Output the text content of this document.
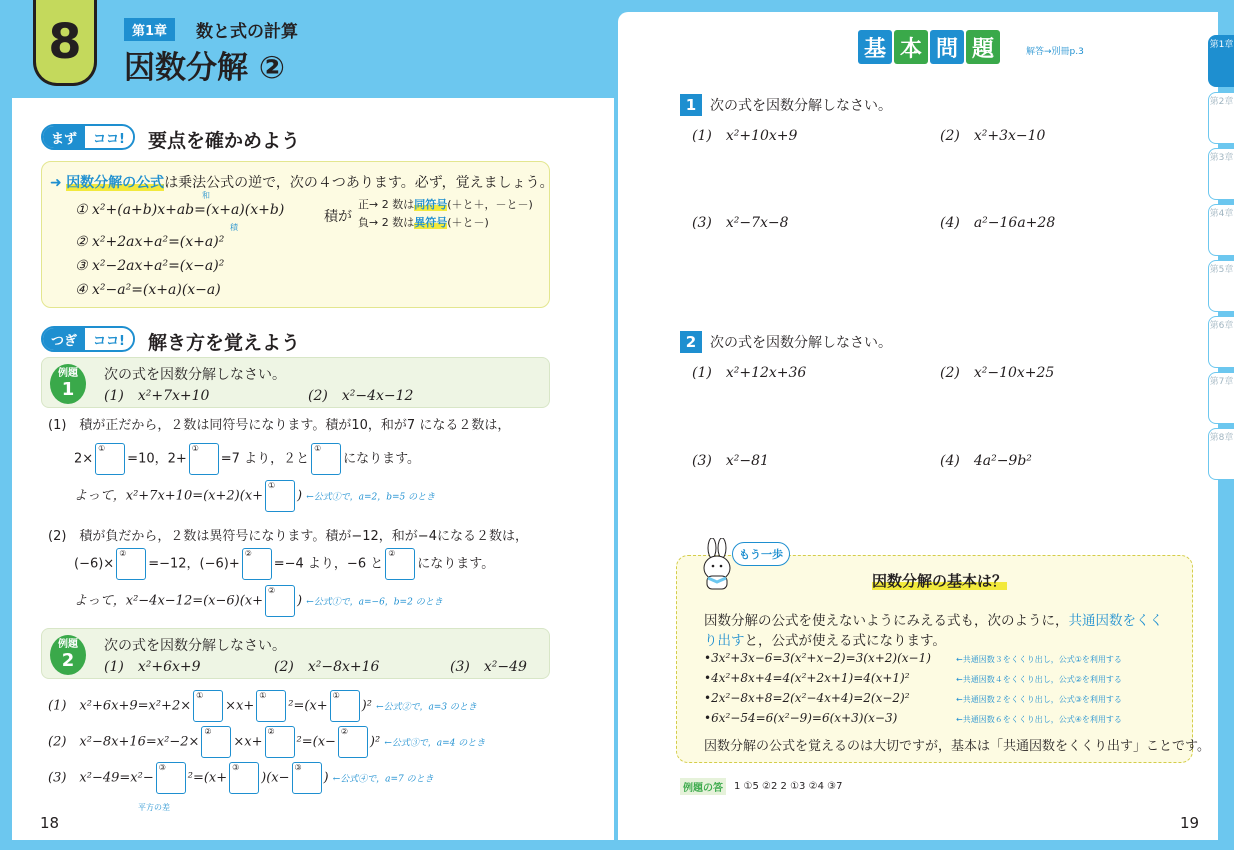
8	第1章	数と式の計算
因数分解 ②
まず	ココ!	要点を確かめよう
➜ 因数分解の公式は乗法公式の逆で，次の４つあります。必ず，覚えましょう。
和
① x²+(a+b)x+ab=(x+a)(x+b)
積
積が
正→ 2 数は同符号(＋と＋，－と－)
負→ 2 数は異符号(＋と－)
② x²+2ax+a²=(x+a)²
③ x²−2ax+a²=(x−a)²
④ x²−a²=(x+a)(x−a)
つぎ	ココ!	解き方を覚えよう
例題
1
次の式を因数分解しなさい。
(1)　x²+7x+10	(2)　x²−4x−12
(1)　積が正だから，２数は同符号になります。積が10，和が7 になる２数は，
2×
①
=10，2+
①
=7 より，２と
①
になります。
よって，x²+7x+10=(x+2)(x+
①
) ←公式①で，a=2，b=5 のとき
(2)　積が負だから，２数は異符号になります。積が−12，和が−4になる２数は，
(−6)×
②
=−12，(−6)+
②
=−4 より，−6 と
②
になります。
よって，x²−4x−12=(x−6)(x+
②
) ←公式①で，a=−6，b=2 のとき
例題
2
次の式を因数分解しなさい。
(1)　x²+6x+9	(2)　x²−8x+16	(3)　x²−49
(1)　x²+6x+9=x²+2×
①
×x+
①
²=(x+
①
)² ←公式②で，a=3 のとき
(2)　x²−8x+16=x²−2×
②
×x+
②
²=(x−
②
)² ←公式③で，a=4 のとき
(3)　x²−49=x²−
③
²=(x+
③
)(x−
③
) ←公式④で，a=7 のとき
平方の差
18
基 本 問 題	解答→別冊p.3
1 次の式を因数分解しなさい。
(1)　x²+10x+9	(2)　x²+3x−10
(3)　x²−7x−8	(4)　a²−16a+28
2 次の式を因数分解しなさい。
(1)　x²+12x+36	(2)　x²−10x+25
(3)　x²−81	(4)　4a²−9b²
もう一歩
因数分解の基本は？
因数分解の公式を使えないようにみえる式も，次のように，共通因数をくく
り出すと，公式が使える式になります。
•3x²+3x−6=3(x²+x−2)=3(x+2)(x−1)	←共通因数３をくくり出し，公式①を利用する
•4x²+8x+4=4(x²+2x+1)=4(x+1)²	←共通因数４をくくり出し，公式②を利用する
•2x²−8x+8=2(x²−4x+4)=2(x−2)²	←共通因数２をくくり出し，公式③を利用する
•6x²−54=6(x²−9)=6(x+3)(x−3)	←共通因数６をくくり出し，公式④を利用する
因数分解の公式を覚えるのは大切ですが，基本は「共通因数をくくり出す」ことです。
例題の答	1 ①5 ②2 2 ①3 ②4 ③7
19
第1章
第2章
第3章
第4章
第5章
第6章
第7章
第8章
